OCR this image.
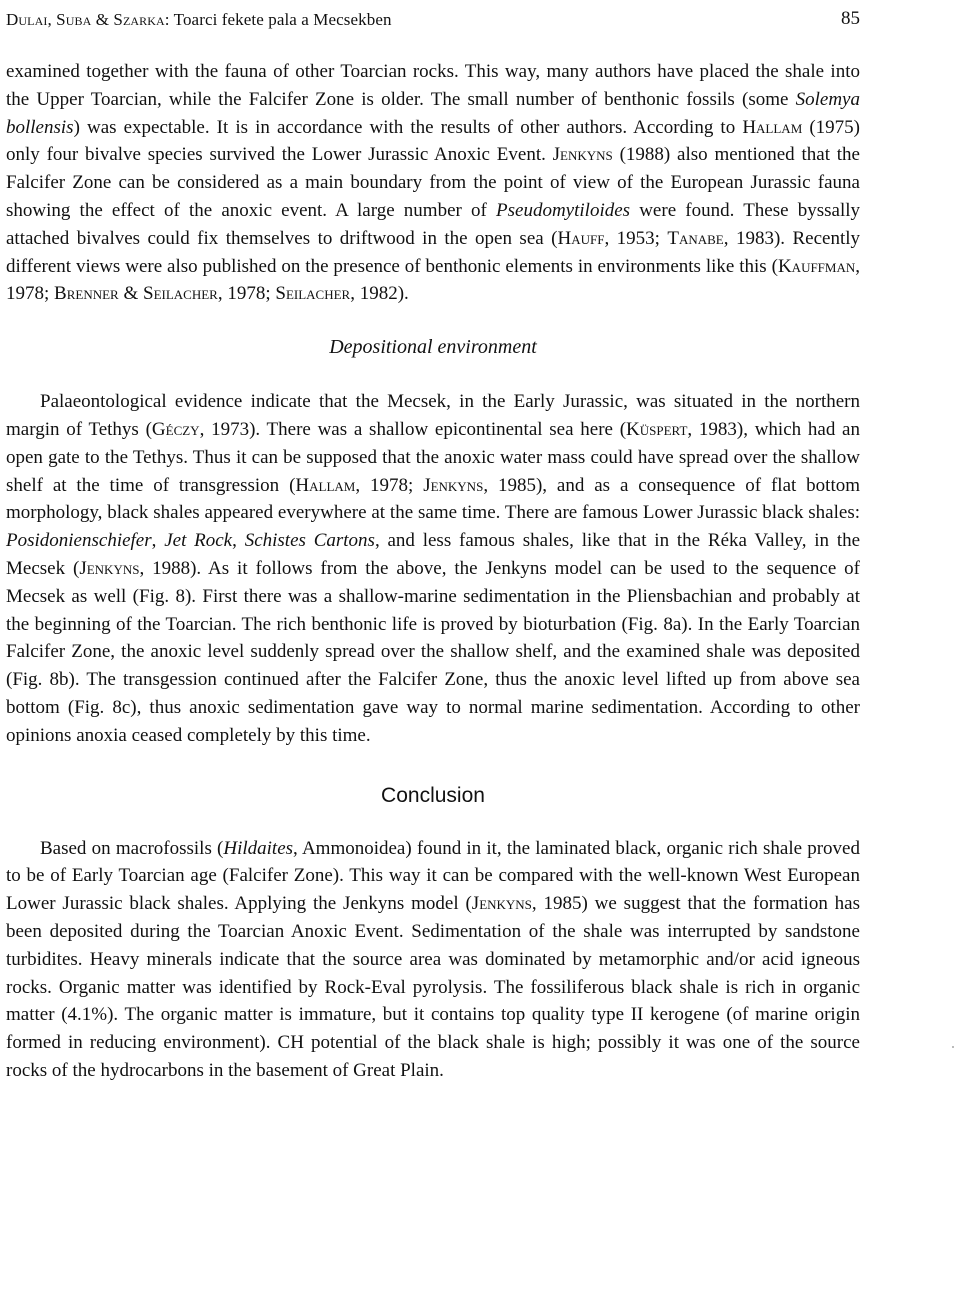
Dulai, Suba & Szarka: Toarci fekete pala a Mecsekben	85

examined together with the fauna of other Toarcian rocks. This way, many authors have placed the shale into the Upper Toarcian, while the Falcifer Zone is older. The small number of benthonic fossils (some Solemya bollensis) was expectable. It is in accordance with the results of other authors. According to Hallam (1975) only four bivalve species survived the Lower Jurassic Anoxic Event. Jenkyns (1988) also mentioned that the Falcifer Zone can be considered as a main boundary from the point of view of the European Jurassic fauna showing the effect of the anoxic event. A large number of Pseudomytiloides were found. These byssally attached bivalves could fix themselves to driftwood in the open sea (Hauff, 1953; Tanabe, 1983). Recently different views were also published on the presence of benthonic elements in environments like this (Kauffman, 1978; Brenner & Seilacher, 1978; Seilacher, 1982).

Depositional environment

Palaeontological evidence indicate that the Mecsek, in the Early Jurassic, was situated in the northern margin of Tethys (Géczy, 1973). There was a shallow epicontinental sea here (Küspert, 1983), which had an open gate to the Tethys. Thus it can be supposed that the anoxic water mass could have spread over the shallow shelf at the time of transgression (Hallam, 1978; Jenkyns, 1985), and as a consequence of flat bottom morphology, black shales appeared everywhere at the same time. There are famous Lower Jurassic black shales: Posidonienschiefer, Jet Rock, Schistes Cartons, and less famous shales, like that in the Réka Valley, in the Mecsek (Jenkyns, 1988). As it follows from the above, the Jenkyns model can be used to the sequence of Mecsek as well (Fig. 8). First there was a shallow-marine sedimentation in the Pliensbachian and probably at the beginning of the Toarcian. The rich benthonic life is proved by bioturbation (Fig. 8a). In the Early Toarcian Falcifer Zone, the anoxic level suddenly spread over the shallow shelf, and the examined shale was deposited (Fig. 8b). The transgession continued after the Falcifer Zone, thus the anoxic level lifted up from above sea bottom (Fig. 8c), thus anoxic sedimentation gave way to normal marine sedimentation. According to other opinions anoxia ceased completely by this time.

Conclusion

Based on macrofossils (Hildaites, Ammonoidea) found in it, the laminated black, organic rich shale proved to be of Early Toarcian age (Falcifer Zone). This way it can be compared with the well-known West European Lower Jurassic black shales. Applying the Jenkyns model (Jenkyns, 1985) we suggest that the formation has been deposited during the Toarcian Anoxic Event. Sedimentation of the shale was interrupted by sandstone turbidites. Heavy minerals indicate that the source area was dominated by metamorphic and/or acid igneous rocks. Organic matter was identified by Rock-Eval pyrolysis. The fossiliferous black shale is rich in organic matter (4.1%). The organic matter is immature, but it contains top quality type II kerogene (of marine origin formed in reducing environment). CH potential of the black shale is high; possibly it was one of the source rocks of the hydrocarbons in the basement of Great Plain.
